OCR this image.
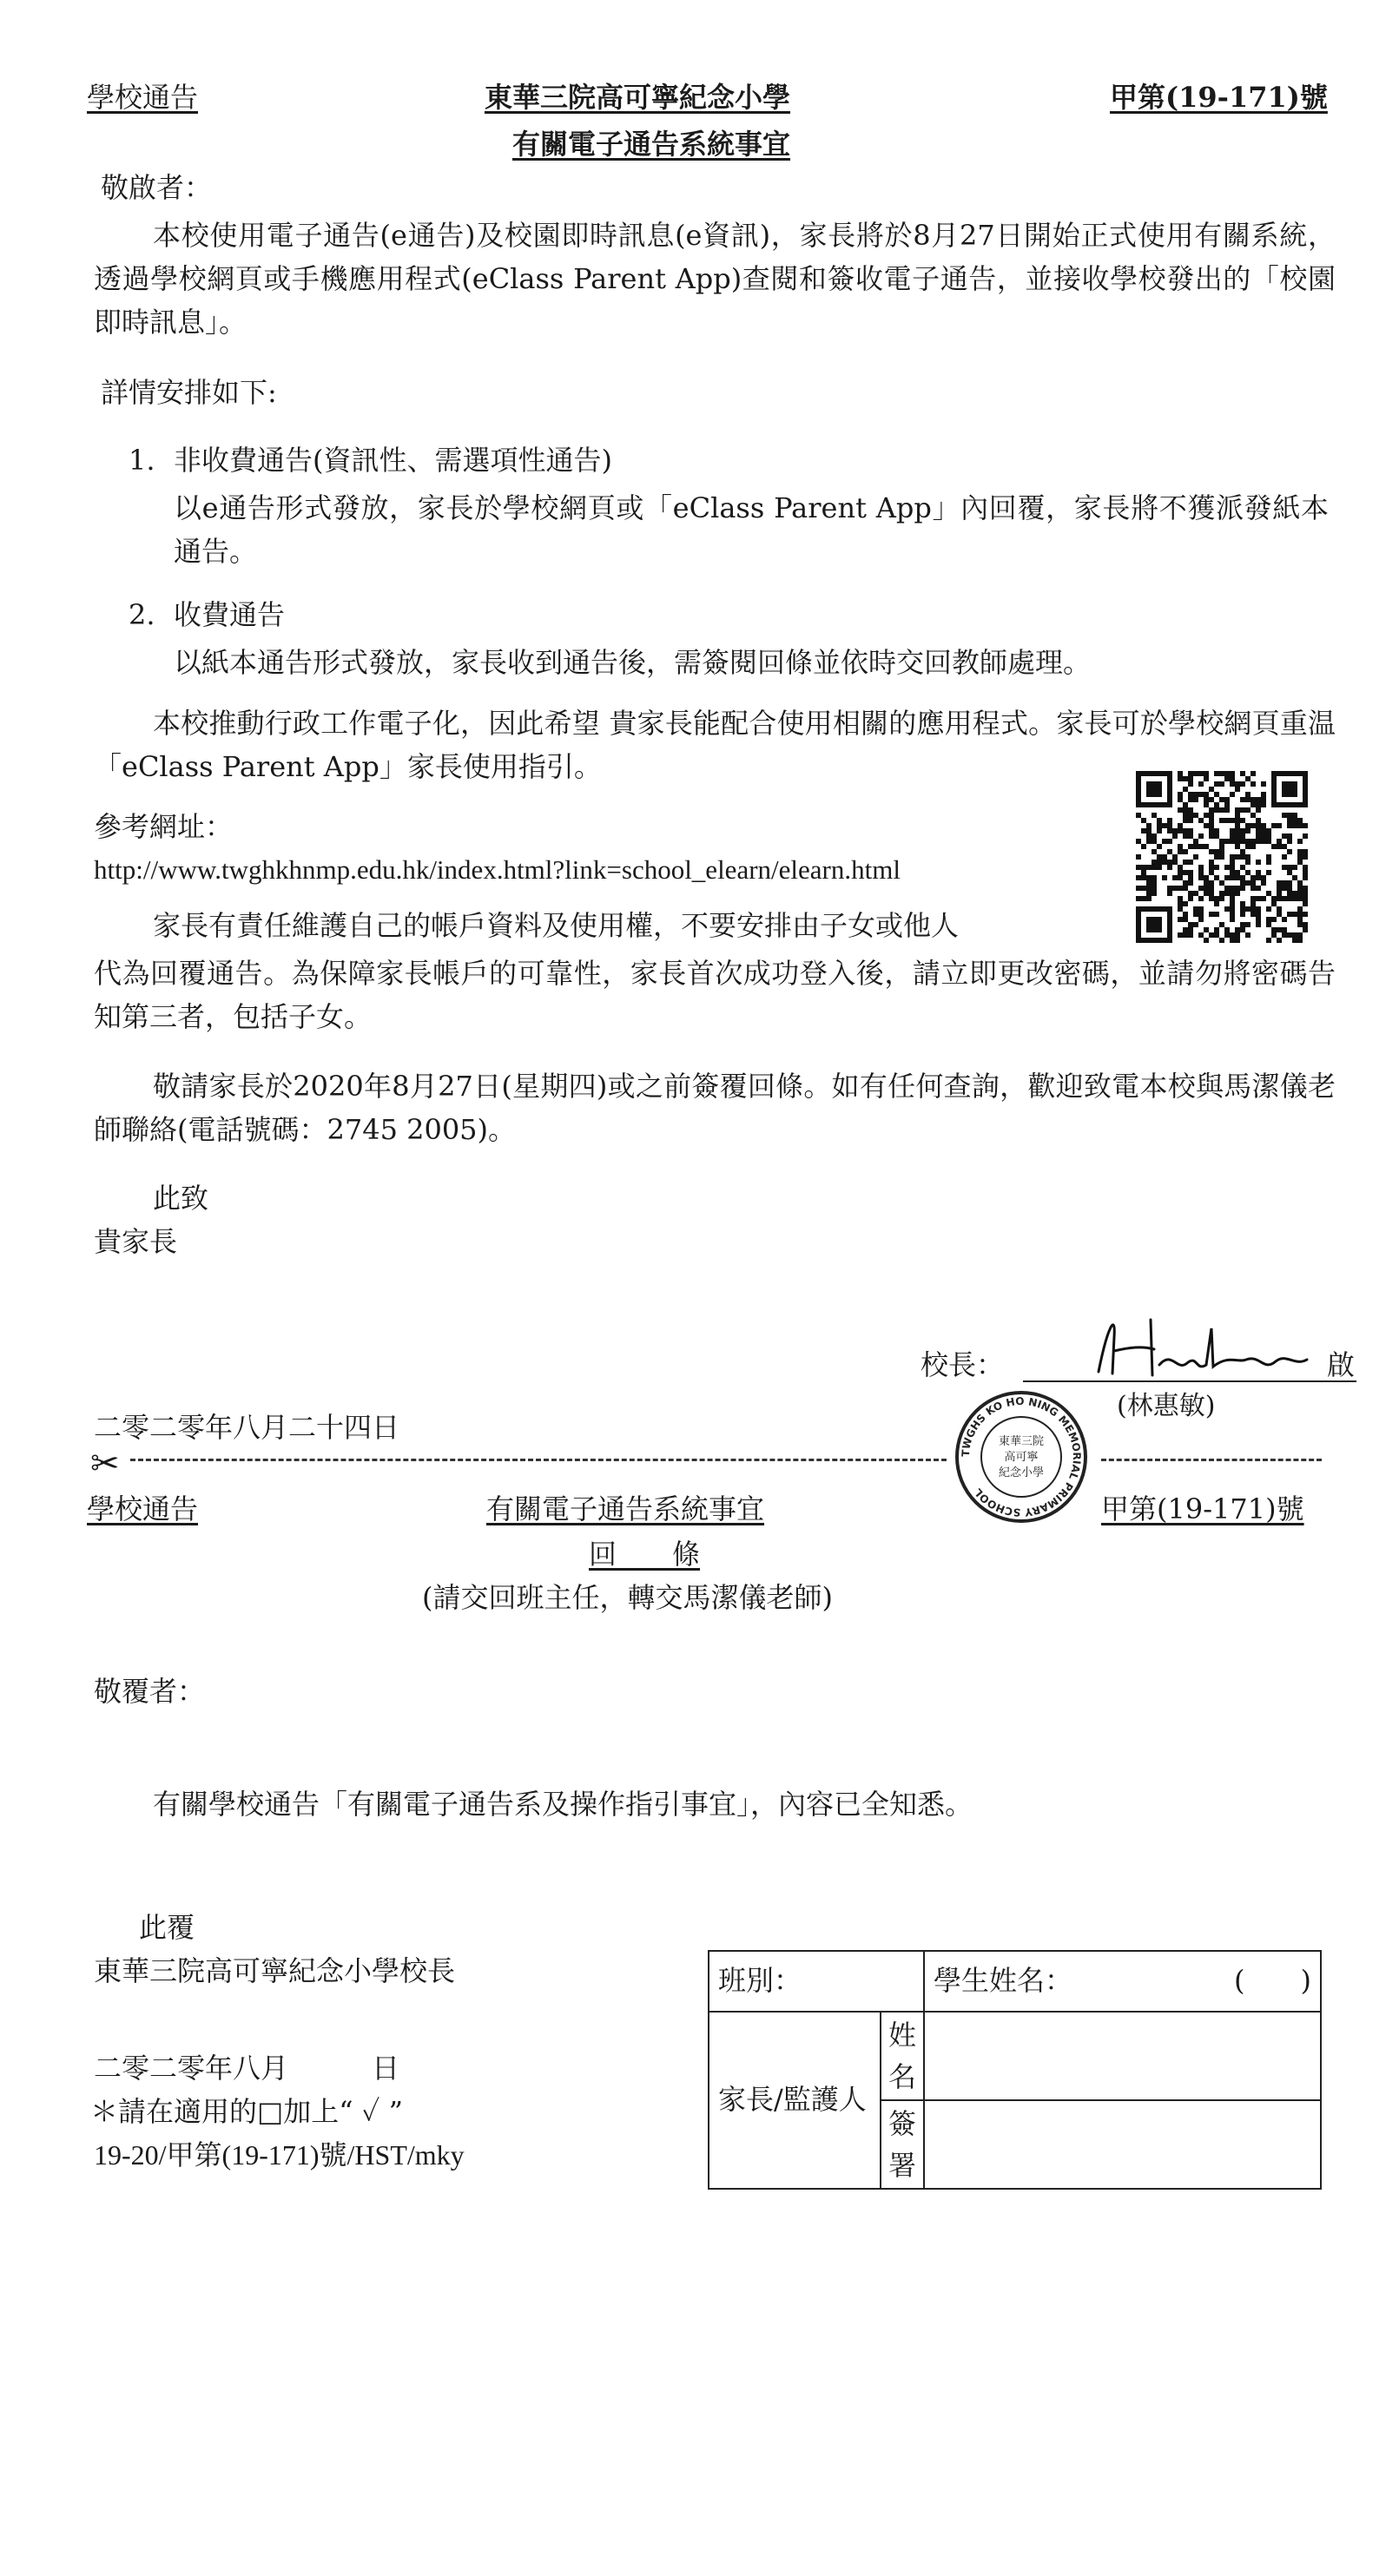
學校通告	東華三院高可寧紀念小學	甲第(19-171)號
有關電子通告系統事宜
敬啟者：
本校使用電子通告(e通告)及校園即時訊息(e資訊)，家長將於8月27日開始正式使用有關系統，透過學校網頁或手機應用程式(eClass Parent App)查閱和簽收電子通告，並接收學校發出的「校園即時訊息」。
詳情安排如下:
1. 非收費通告(資訊性、需選項性通告)
以e通告形式發放，家長於學校網頁或「eClass Parent App」內回覆，家長將不獲派發紙本通告。
2. 收費通告
以紙本通告形式發放，家長收到通告後，需簽閱回條並依時交回教師處理。
本校推動行政工作電子化，因此希望 貴家長能配合使用相關的應用程式。家長可於學校網頁重温「eClass Parent App」家長使用指引。
參考網址：
http://www.twghkhnmp.edu.hk/index.html?link=school_elearn/elearn.html
家長有責任維護自己的帳戶資料及使用權，不要安排由子女或他人
代為回覆通告。為保障家長帳戶的可靠性，家長首次成功登入後，請立即更改密碼，並請勿將密碼告知第三者，包括子女。
敬請家長於2020年8月27日(星期四)或之前簽覆回條。如有任何查詢，歡迎致電本校與馬潔儀老師聯絡(電話號碼：2745 2005)。
此致
貴家長
校長：	啟
(林惠敏)
二零二零年八月二十四日
TWGHS KO HO NING MEMORIAL PRIMARY SCHOOL
東華三院
高可寧
紀念小學
✂
學校通告	有關電子通告系統事宜	甲第(19-171)號
回　　條
(請交回班主任，轉交馬潔儀老師)
敬覆者：
有關學校通告「有關電子通告系及操作指引事宜」，內容已全知悉。
此覆
東華三院高可寧紀念小學校長
二零二零年八月　　　日
＊請在適用的□加上“ ✓ ”
19-20/甲第(19-171)號/HST/mky
班別：		學生姓名： (　　)

家長/監護人	姓名	
	簽署	
